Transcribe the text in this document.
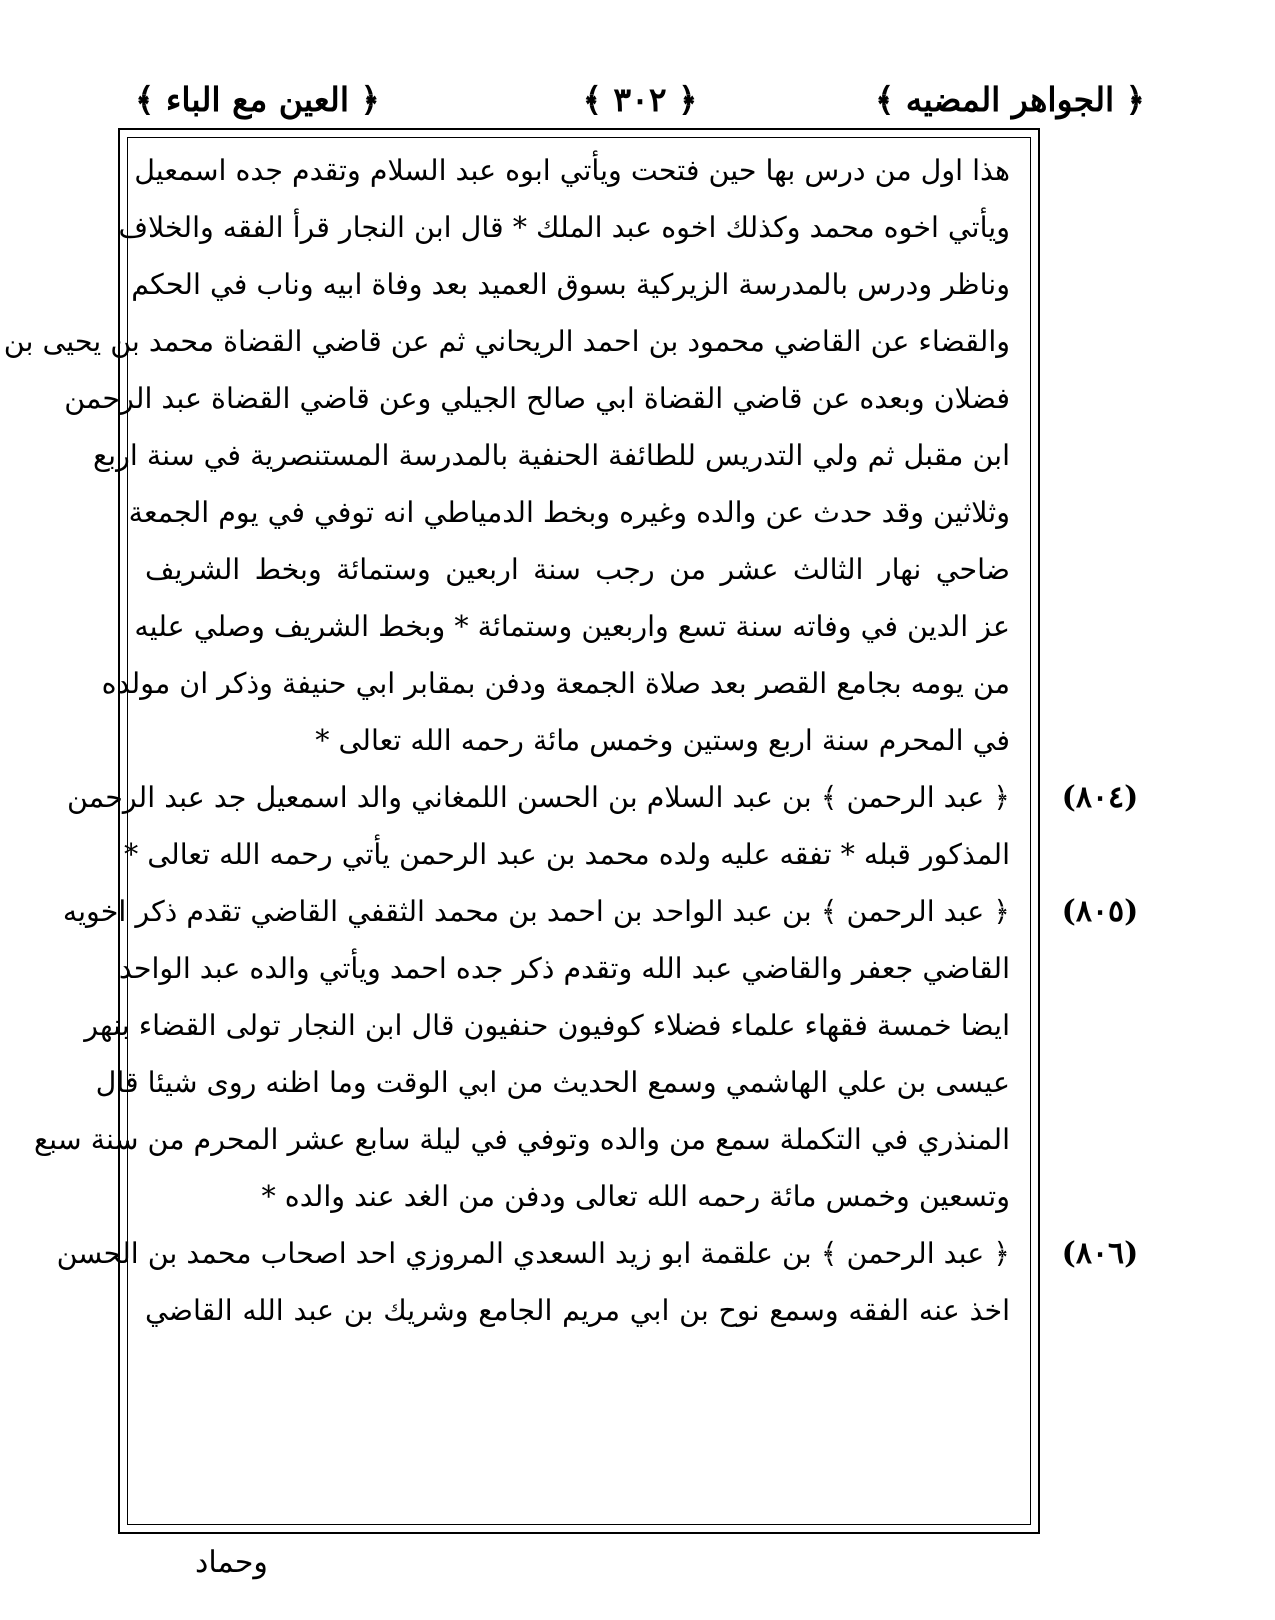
﴿ الجواهر المضيه ﴾
﴿ ٣٠٢ ﴾
﴿ العين مع الباء ﴾
هذا اول من درس بها حين فتحت ويأتي ابوه عبد السلام وتقدم جده اسمعيل
ويأتي اخوه محمد وكذلك اخوه عبد الملك * قال ابن النجار قرأ الفقه والخلاف
وناظر ودرس بالمدرسة الزيركية بسوق العميد بعد وفاة ابيه وناب في الحكم
والقضاء عن القاضي محمود بن احمد الريحاني ثم عن قاضي القضاة محمد بن يحيى بن
فضلان وبعده عن قاضي القضاة ابي صالح الجيلي وعن قاضي القضاة عبد الرحمن
ابن مقبل ثم ولي التدريس للطائفة الحنفية بالمدرسة المستنصرية في سنة اربع
وثلاثين وقد حدث عن والده وغيره وبخط الدمياطي انه توفي في يوم الجمعة
ضاحي نهار الثالث عشر من رجب سنة اربعين وستمائة وبخط الشريف
عز الدين في وفاته سنة تسع واربعين وستمائة * وبخط الشريف وصلي عليه
من يومه بجامع القصر بعد صلاة الجمعة ودفن بمقابر ابي حنيفة وذكر ان مولده
في المحرم سنة اربع وستين وخمس مائة رحمه الله تعالى *
﴿ عبد الرحمن ﴾ بن عبد السلام بن الحسن اللمغاني والد اسمعيل جد عبد الرحمن
المذكور قبله * تفقه عليه ولده محمد بن عبد الرحمن يأتي رحمه الله تعالى *
﴿ عبد الرحمن ﴾ بن عبد الواحد بن احمد بن محمد الثقفي القاضي تقدم ذكر اخويه
القاضي جعفر والقاضي عبد الله وتقدم ذكر جده احمد ويأتي والده عبد الواحد
ايضا خمسة فقهاء علماء فضلاء كوفيون حنفيون قال ابن النجار تولى القضاء بنهر
عيسى بن علي الهاشمي وسمع الحديث من ابي الوقت وما اظنه روى شيئا قال
المنذري في التكملة سمع من والده وتوفي في ليلة سابع عشر المحرم من سنة سبع
وتسعين وخمس مائة رحمه الله تعالى ودفن من الغد عند والده *
﴿ عبد الرحمن ﴾ بن علقمة ابو زيد السعدي المروزي احد اصحاب محمد بن الحسن
اخذ عنه الفقه وسمع نوح بن ابي مريم الجامع وشريك بن عبد الله القاضي
(٨٠٤)
(٨٠٥)
(٨٠٦)
وحماد
